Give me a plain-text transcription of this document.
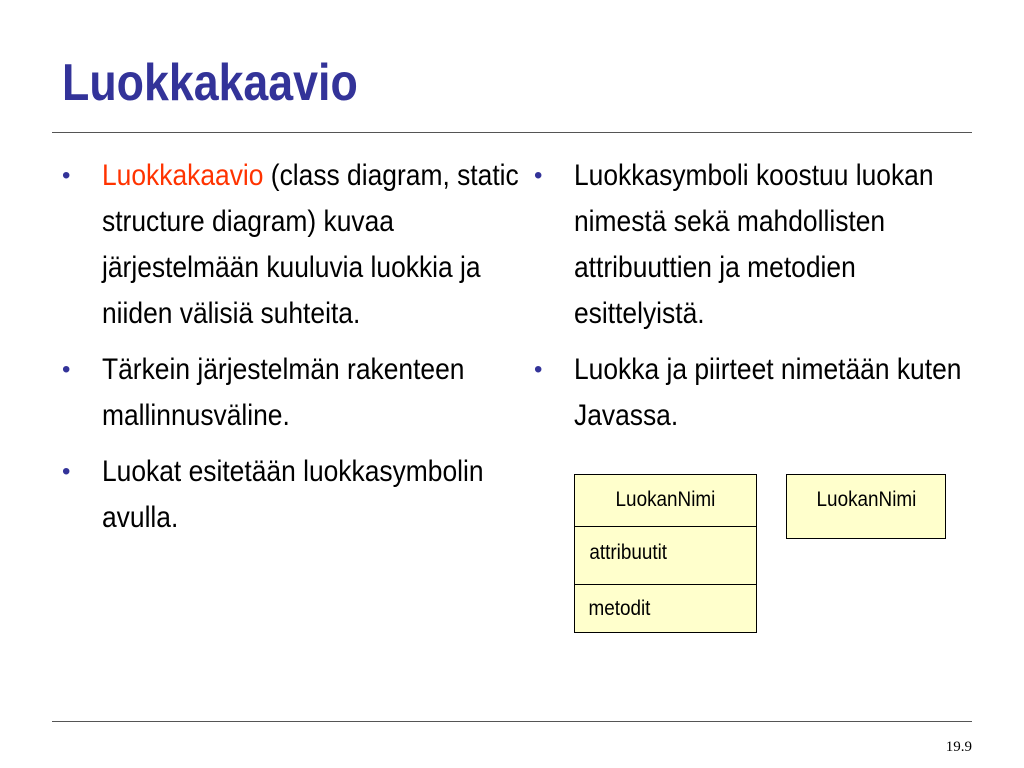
Luokkakaavio
• Luokkakaavio (class diagram, static structure diagram) kuvaa järjestelmään kuuluvia luokkia ja niiden välisiä suhteita.
• Tärkein järjestelmän rakenteen mallinnusväline.
• Luokat esitetään luokkasymbolin avulla.
• Luokkasymboli koostuu luokan nimestä sekä mahdollisten attribuuttien ja metodien esittelyistä.
• Luokka ja piirteet nimetään kuten Javassa.
LuokanNimi
attribuutit
metodit
LuokanNimi
19.9
